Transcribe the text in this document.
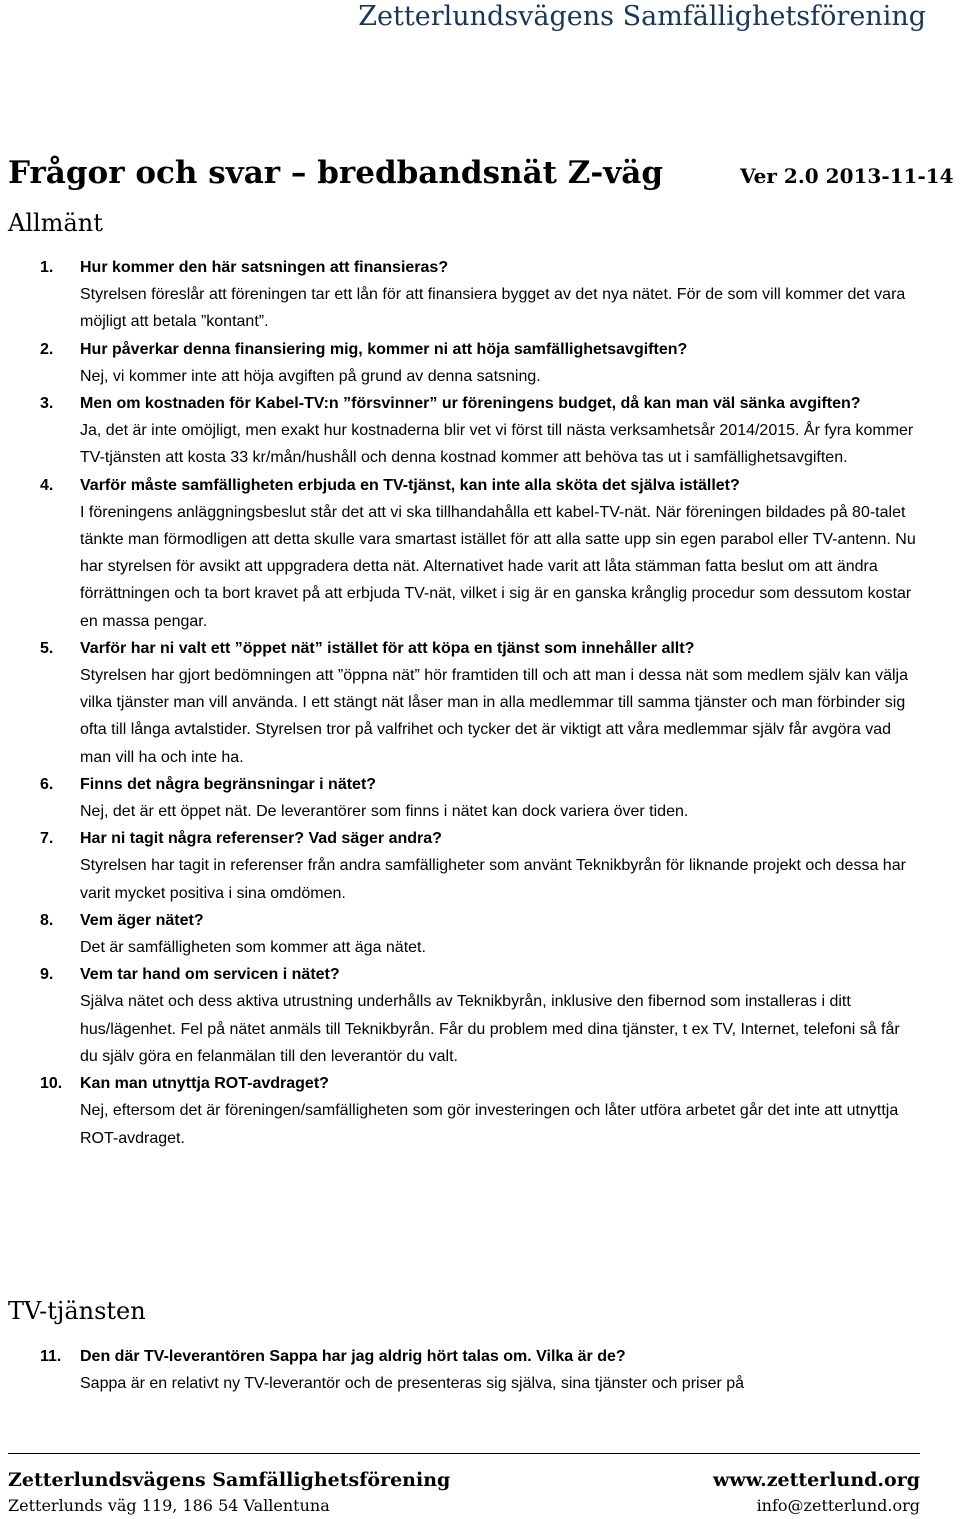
Zetterlundsvägens Samfällighetsförening
Frågor och svar – bredbandsnät Z-väg	Ver 2.0 2013-11-14
Allmänt
1. Hur kommer den här satsningen att finansieras?
Styrelsen föreslår att föreningen tar ett lån för att finansiera bygget av det nya nätet. För de som vill kommer det vara möjligt att betala ”kontant”.
2. Hur påverkar denna finansiering mig, kommer ni att höja samfällighetsavgiften?
Nej, vi kommer inte att höja avgiften på grund av denna satsning.
3. Men om kostnaden för Kabel-TV:n ”försvinner” ur föreningens budget, då kan man väl sänka avgiften?
Ja, det är inte omöjligt, men exakt hur kostnaderna blir vet vi först till nästa verksamhetsår 2014/2015. År fyra kommer TV-tjänsten att kosta 33 kr/mån/hushåll och denna kostnad kommer att behöva tas ut i samfällighetsavgiften.
4. Varför måste samfälligheten erbjuda en TV-tjänst, kan inte alla sköta det själva istället?
I föreningens anläggningsbeslut står det att vi ska tillhandahålla ett kabel-TV-nät. När föreningen bildades på 80-talet tänkte man förmodligen att detta skulle vara smartast istället för att alla satte upp sin egen parabol eller TV-antenn. Nu har styrelsen för avsikt att uppgradera detta nät. Alternativet hade varit att låta stämman fatta beslut om att ändra förrättningen och ta bort kravet på att erbjuda TV-nät, vilket i sig är en ganska krånglig procedur som dessutom kostar en massa pengar.
5. Varför har ni valt ett ”öppet nät” istället för att köpa en tjänst som innehåller allt?
Styrelsen har gjort bedömningen att ”öppna nät” hör framtiden till och att man i dessa nät som medlem själv kan välja vilka tjänster man vill använda. I ett stängt nät låser man in alla medlemmar till samma tjänster och man förbinder sig ofta till långa avtalstider. Styrelsen tror på valfrihet och tycker det är viktigt att våra medlemmar själv får avgöra vad man vill ha och inte ha.
6. Finns det några begränsningar i nätet?
Nej, det är ett öppet nät. De leverantörer som finns i nätet kan dock variera över tiden.
7. Har ni tagit några referenser? Vad säger andra?
Styrelsen har tagit in referenser från andra samfälligheter som använt Teknikbyrån för liknande projekt och dessa har varit mycket positiva i sina omdömen.
8. Vem äger nätet?
Det är samfälligheten som kommer att äga nätet.
9. Vem tar hand om servicen i nätet?
Själva nätet och dess aktiva utrustning underhålls av Teknikbyrån, inklusive den fibernod som installeras i ditt hus/lägenhet. Fel på nätet anmäls till Teknikbyrån. Får du problem med dina tjänster, t ex TV, Internet, telefoni så får du själv göra en felanmälan till den leverantör du valt.
10. Kan man utnyttja ROT-avdraget?
Nej, eftersom det är föreningen/samfälligheten som gör investeringen och låter utföra arbetet går det inte att utnyttja ROT-avdraget.
TV-tjänsten
11. Den där TV-leverantören Sappa har jag aldrig hört talas om. Vilka är de?
Sappa är en relativt ny TV-leverantör och de presenteras sig själva, sina tjänster och priser på
Zetterlundsvägens Samfällighetsförening	www.zetterlund.org
Zetterlunds väg 119, 186 54 Vallentuna	info@zetterlund.org
